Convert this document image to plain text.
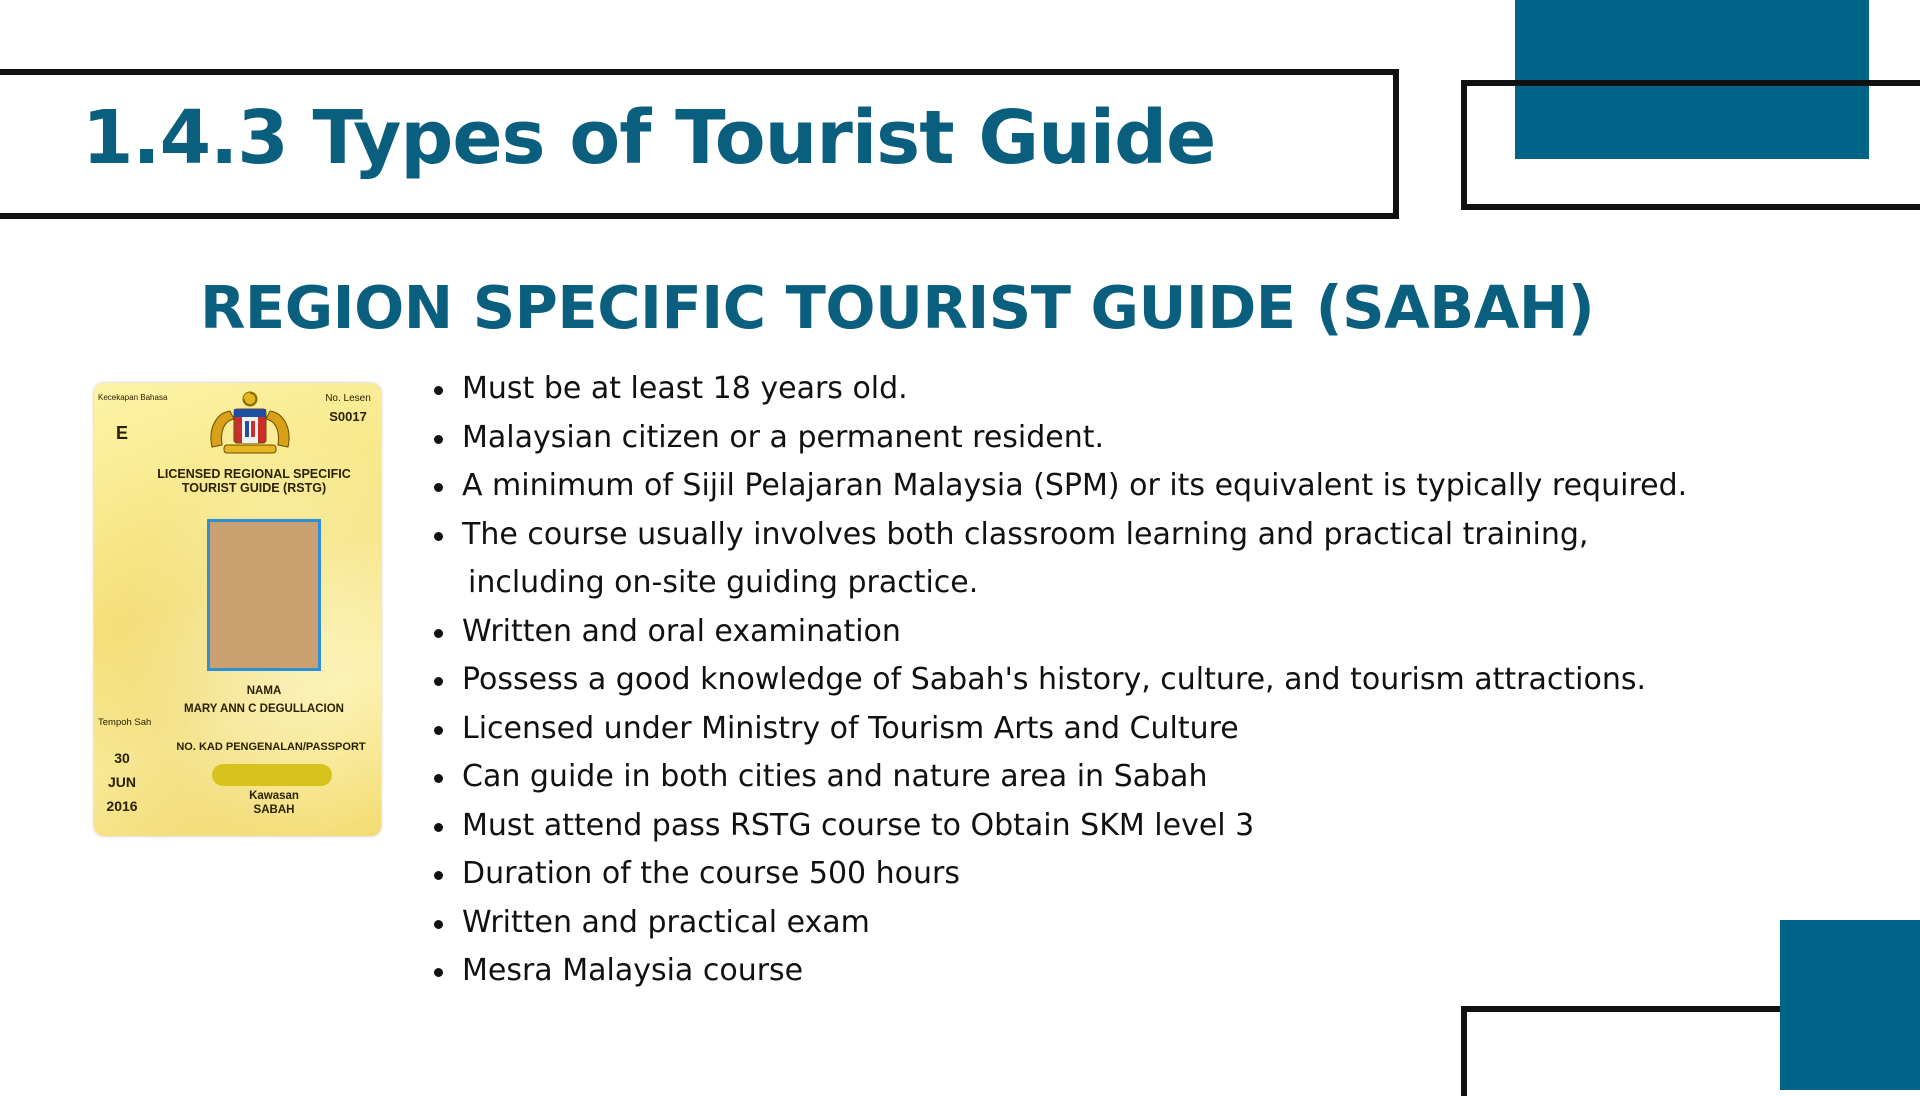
1.4.3 Types of Tourist Guide
REGION SPECIFIC TOURIST GUIDE (SABAH)
Kecekapan Bahasa
E
No. Lesen
S0017
LICENSED REGIONAL SPECIFIC TOURIST GUIDE (RSTG)
NAMA
MARY ANN C DEGULLACION
Tempoh Sah
NO. KAD PENGENALAN/PASSPORT
30
JUN
2016
Kawasan
SABAH
Must be at least 18 years old.
Malaysian citizen or a permanent resident.
A minimum of Sijil Pelajaran Malaysia (SPM) or its equivalent is typically required.
The course usually involves both classroom learning and practical training,
including on-site guiding practice.
Written and oral examination
Possess a good knowledge of Sabah's history, culture, and tourism attractions.
Licensed under Ministry of Tourism Arts and Culture
Can guide in both cities and nature area in Sabah
Must attend pass RSTG course to Obtain SKM level 3
Duration of the course 500 hours
Written and practical exam
Mesra Malaysia course
